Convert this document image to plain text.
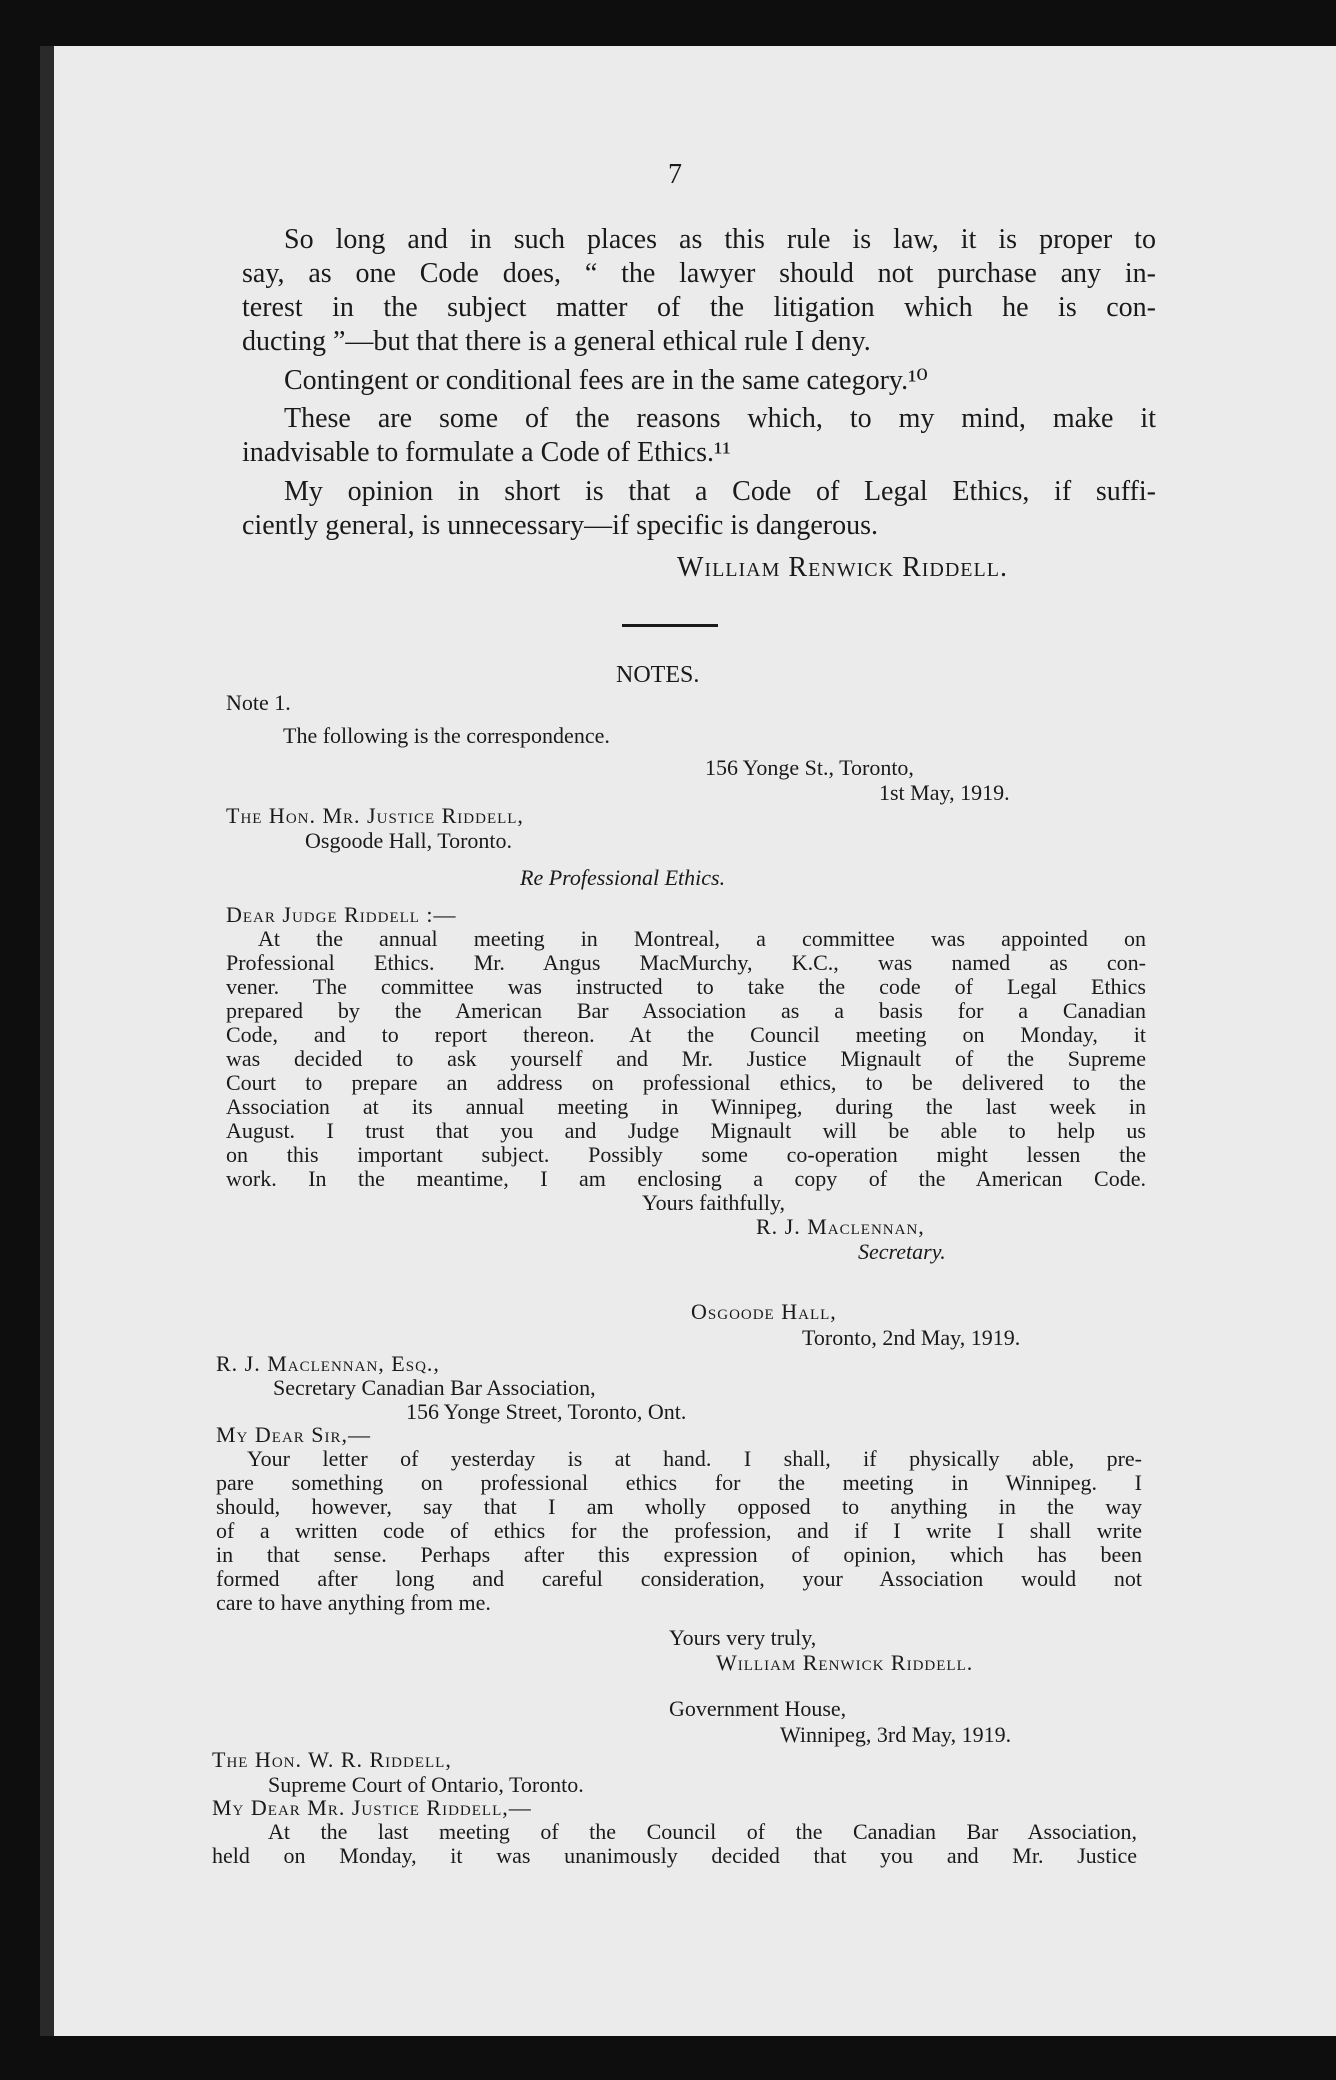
7
So long and in such places as this rule is law, it is proper to
say, as one Code does, “ the lawyer should not purchase any in-
terest in the subject matter of the litigation which he is con-
ducting ”—but that there is a general ethical rule I deny.
Contingent or conditional fees are in the same category.¹⁰
These are some of the reasons which, to my mind, make it
inadvisable to formulate a Code of Ethics.¹¹
My opinion in short is that a Code of Legal Ethics, if suffi-
ciently general, is unnecessary—if specific is dangerous.
William Renwick Riddell.
NOTES.
Note 1.
The following is the correspondence.
156 Yonge St., Toronto,
1st May, 1919.
The Hon. Mr. Justice Riddell,
Osgoode Hall, Toronto.
Re Professional Ethics.
Dear Judge Riddell :—
At the annual meeting in Montreal, a committee was appointed on
Professional Ethics. Mr. Angus MacMurchy, K.C., was named as con-
vener. The committee was instructed to take the code of Legal Ethics
prepared by the American Bar Association as a basis for a Canadian
Code, and to report thereon. At the Council meeting on Monday, it
was decided to ask yourself and Mr. Justice Mignault of the Supreme
Court to prepare an address on professional ethics, to be delivered to the
Association at its annual meeting in Winnipeg, during the last week in
August. I trust that you and Judge Mignault will be able to help us
on this important subject. Possibly some co-operation might lessen the
work. In the meantime, I am enclosing a copy of the American Code.
Yours faithfully,
R. J. Maclennan,
Secretary.
Osgoode Hall,
Toronto, 2nd May, 1919.
R. J. Maclennan, Esq.,
Secretary Canadian Bar Association,
156 Yonge Street, Toronto, Ont.
My Dear Sir,—
Your letter of yesterday is at hand. I shall, if physically able, pre-
pare something on professional ethics for the meeting in Winnipeg. I
should, however, say that I am wholly opposed to anything in the way
of a written code of ethics for the profession, and if I write I shall write
in that sense. Perhaps after this expression of opinion, which has been
formed after long and careful consideration, your Association would not
care to have anything from me.
Yours very truly,
William Renwick Riddell.
Government House,
Winnipeg, 3rd May, 1919.
The Hon. W. R. Riddell,
Supreme Court of Ontario, Toronto.
My Dear Mr. Justice Riddell,—
At the last meeting of the Council of the Canadian Bar Association,
held on Monday, it was unanimously decided that you and Mr. Justice
